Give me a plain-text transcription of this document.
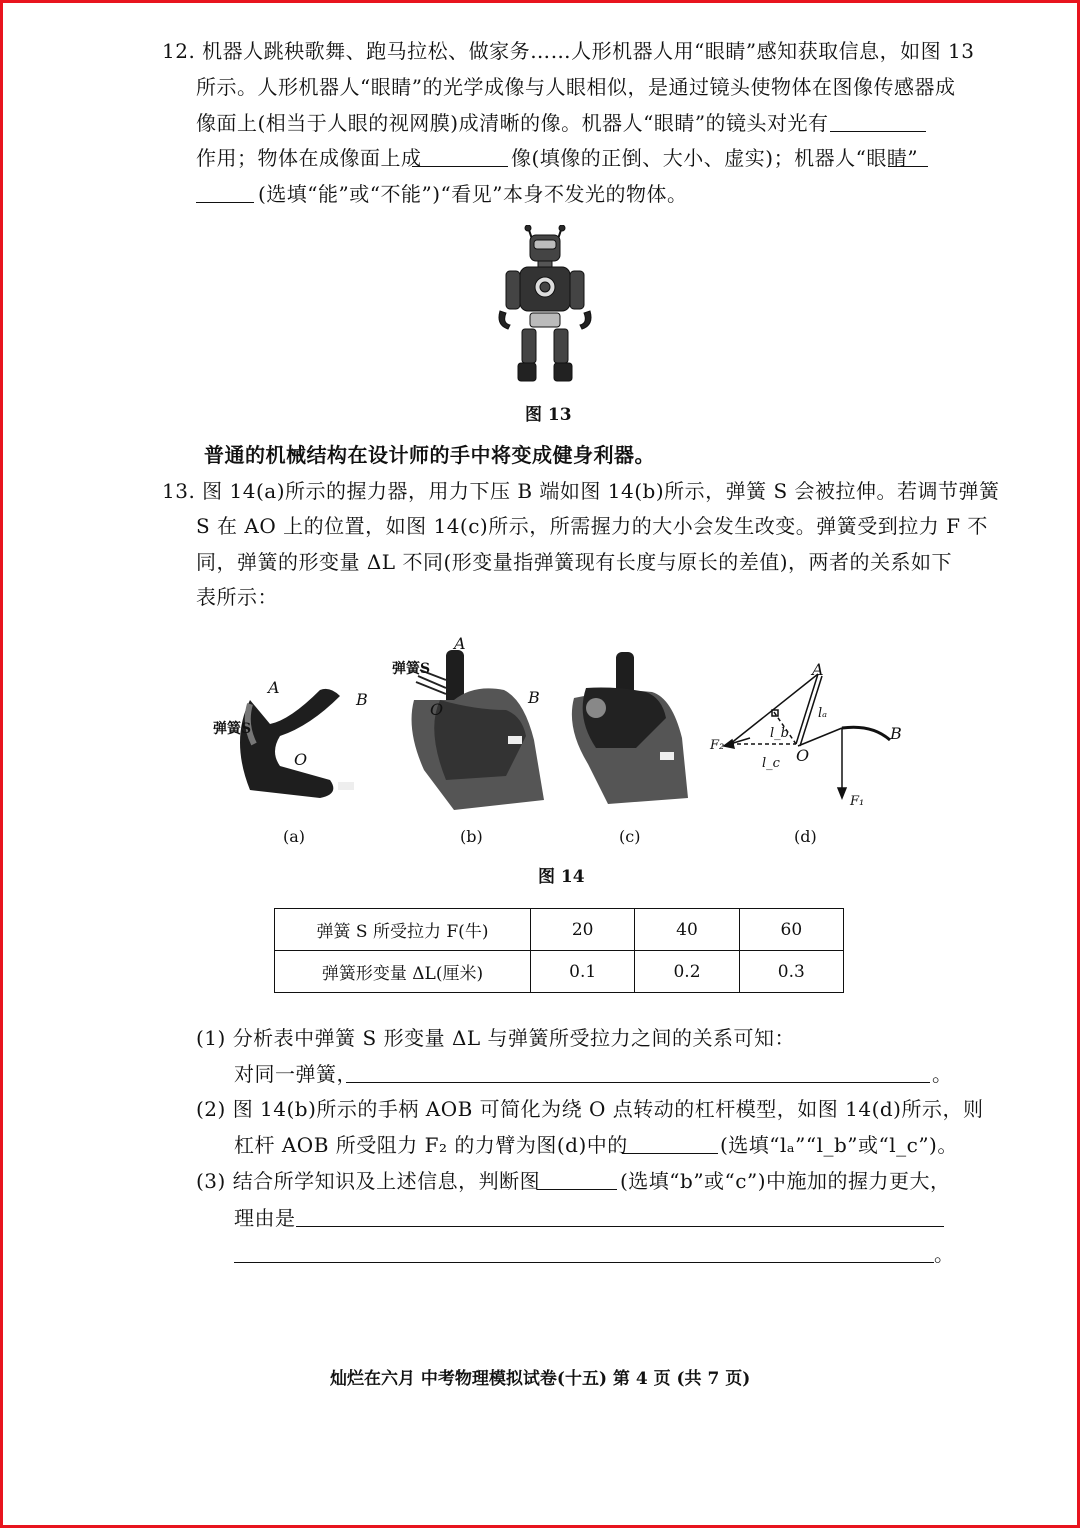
12. 机器人跳秧歌舞、跑马拉松、做家务……人形机器人用“眼睛”感知获取信息，如图 13
所示。人形机器人“眼睛”的光学成像与人眼相似，是通过镜头使物体在图像传感器成
像面上(相当于人眼的视网膜)成清晰的像。机器人“眼睛”的镜头对光有
作用；物体在成像面上成	像(填像的正倒、大小、虚实)；机器人“眼睛”
(选填“能”或“不能”)“看见”本身不发光的物体。
图 13
普通的机械结构在设计师的手中将变成健身利器。
13. 图 14(a)所示的握力器，用力下压 B 端如图 14(b)所示，弹簧 S 会被拉伸。若调节弹簧
S 在 AO 上的位置，如图 14(c)所示，所需握力的大小会发生改变。弹簧受到拉力 F 不
同，弹簧的形变量 ΔL 不同(形变量指弹簧现有长度与原长的差值)，两者的关系如下
表所示：
弹簧S
A
B
O
(a)
弹簧S
A
B
O
(b)	(c)
A
B
O
F₁
F₂
lₐ
l_b
l_c
(d)
图 14
弹簧 S 所受拉力 F(牛)	20	40	60
弹簧形变量 ΔL(厘米)	0.1	0.2	0.3
(1) 分析表中弹簧 S 形变量 ΔL 与弹簧所受拉力之间的关系可知：
对同一弹簧，	。
(2) 图 14(b)所示的手柄 AOB 可简化为绕 O 点转动的杠杆模型，如图 14(d)所示，则
杠杆 AOB 所受阻力 F₂ 的力臂为图(d)中的	(选填“lₐ”“l_b”或“l_c”)。
(3) 结合所学知识及上述信息，判断图	(选填“b”或“c”)中施加的握力更大，
理由是
。
灿烂在六月 中考物理模拟试卷(十五) 第 4 页 (共 7 页)
